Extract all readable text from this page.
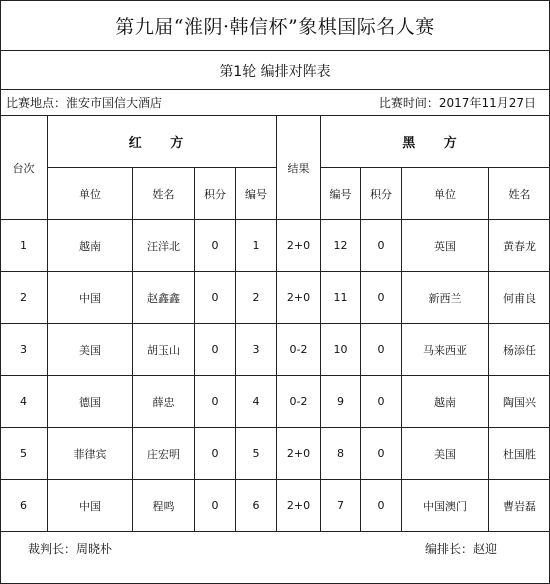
第九届“淮阴·韩信杯”象棋国际名人赛
第1轮 编排对阵表
比赛地点：淮安市国信大酒店	比赛时间：2017年11月27日
台次
红 方
结果
黑 方
单位	姓名	积分	编号	编号	积分	单位	姓名
1	越南	汪洋北	0	1	2+0	12	0	英国	黄春龙
2	中国	赵鑫鑫	0	2	2+0	11	0	新西兰	何甫良
3	美国	胡玉山	0	3	0-2	10	0	马来西亚	杨添任
4	德国	薛忠	0	4	0-2	9	0	越南	陶国兴
5	菲律宾	庄宏明	0	5	2+0	8	0	美国	杜国胜
6	中国	程鸣	0	6	2+0	7	0	中国澳门	曹岩磊
裁判长：周晓朴	编排长：赵迎
